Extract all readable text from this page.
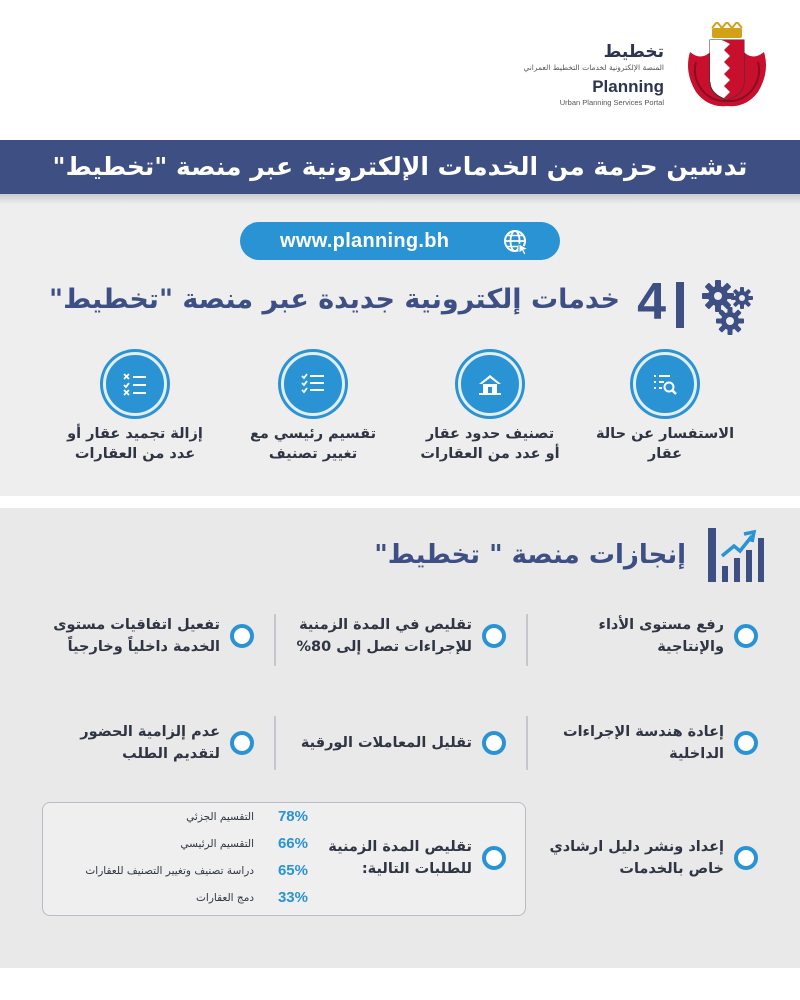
تخطيط
المنصة الإلكترونية لخدمات التخطيط العمراني
Planning
Urban Planning Services Portal
تدشين حزمة من الخدمات الإلكترونية عبر منصة "تخطيط"
www.planning.bh
4
خدمات إلكترونية جديدة عبر منصة "تخطيط"
الاستفسار عن حالة
عقار
تصنيف حدود عقار
أو عدد من العقارات
تقسيم رئيسي مع
تغيير تصنيف
إزالة تجميد عقار أو
عدد من العقارات
إنجازات منصة " تخطيط"
رفع مستوى الأداء
والإنتاجية
تقليص في المدة الزمنية
للإجراءات تصل إلى 80%
تفعيل اتفاقيات مستوى
الخدمة داخلياً وخارجياً
إعادة هندسة الإجراءات
الداخلية
تقليل المعاملات الورقية
عدم إلزامية الحضور
لتقديم الطلب
إعداد ونشر دليل ارشادي
خاص بالخدمات
تقليص المدة الزمنية
للطلبات التالية:
78%
التقسيم الجزئي
66%
التقسيم الرئيسي
65%
دراسة تصنيف وتغيير التصنيف للعقارات
33%
دمج العقارات
